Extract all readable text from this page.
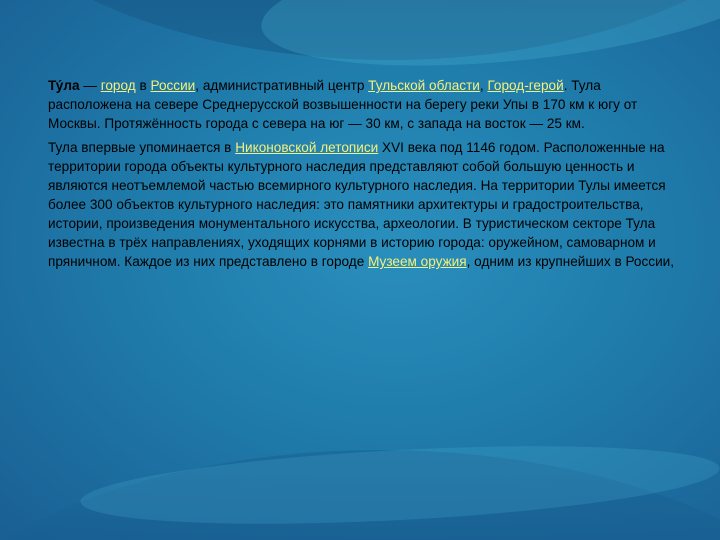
Ту́ла — город в России, административный центр Тульской области, Город-герой. Тула расположена на севере Среднерусской возвышенности на берегу реки Упы в 170 км к югу от Москвы. Протяжённость города с севера на юг — 30 км, с запада на восток — 25 км.

Тула впервые упоминается в Никоновской летописи XVI века под 1146 годом. Расположенные на территории города объекты культурного наследия представляют собой большую ценность и являются неотъемлемой частью всемирного культурного наследия. На территории Тулы имеется более 300 объектов культурного наследия: это памятники архитектуры и градостроительства, истории, произведения монументального искусства, археологии. В туристическом секторе Тула известна в трёх направлениях, уходящих корнями в историю города: оружейном, самоварном и пряничном. Каждое из них представлено в городе Музеем оружия, одним из крупнейших в России,
